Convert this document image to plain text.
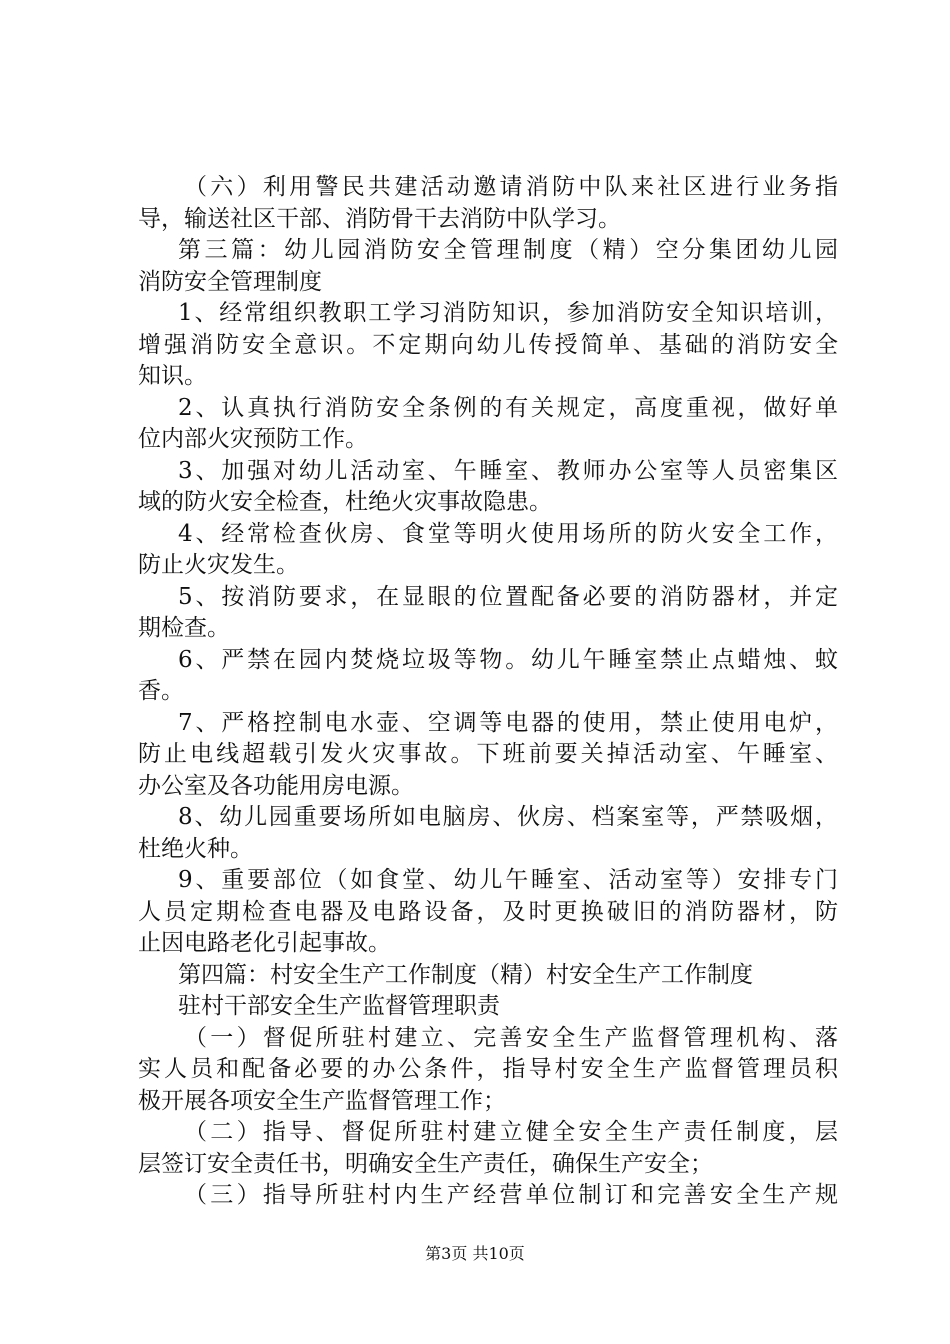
（六）利用警民共建活动邀请消防中队来社区进行业务指
导，输送社区干部、消防骨干去消防中队学习。
第三篇：幼儿园消防安全管理制度（精）空分集团幼儿园
消防安全管理制度
1、经常组织教职工学习消防知识，参加消防安全知识培训，
增强消防安全意识。不定期向幼儿传授简单、基础的消防安全
知识。
2、认真执行消防安全条例的有关规定，高度重视，做好单
位内部火灾预防工作。
3、加强对幼儿活动室、午睡室、教师办公室等人员密集区
域的防火安全检查，杜绝火灾事故隐患。
4、经常检查伙房、食堂等明火使用场所的防火安全工作，
防止火灾发生。
5、按消防要求，在显眼的位置配备必要的消防器材，并定
期检查。
6、严禁在园内焚烧垃圾等物。幼儿午睡室禁止点蜡烛、蚊
香。
7、严格控制电水壶、空调等电器的使用，禁止使用电炉，
防止电线超载引发火灾事故。下班前要关掉活动室、午睡室、
办公室及各功能用房电源。
8、幼儿园重要场所如电脑房、伙房、档案室等，严禁吸烟，
杜绝火种。
9、重要部位（如食堂、幼儿午睡室、活动室等）安排专门
人员定期检查电器及电路设备，及时更换破旧的消防器材，防
止因电路老化引起事故。
第四篇：村安全生产工作制度（精）村安全生产工作制度
驻村干部安全生产监督管理职责
（一）督促所驻村建立、完善安全生产监督管理机构、落
实人员和配备必要的办公条件，指导村安全生产监督管理员积
极开展各项安全生产监督管理工作；
（二）指导、督促所驻村建立健全安全生产责任制度，层
层签订安全责任书，明确安全生产责任，确保生产安全；
（三）指导所驻村内生产经营单位制订和完善安全生产规
第3页 共10页
